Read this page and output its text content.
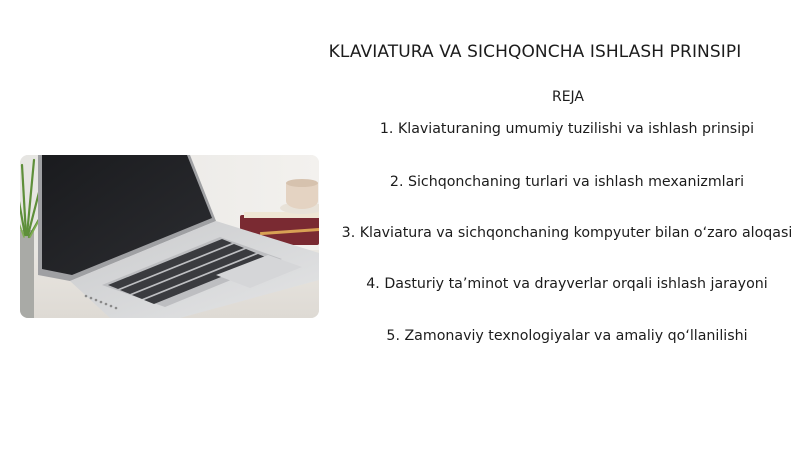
KLAVIATURA VA SICHQONCHA ISHLASH PRINSIPI
REJA
1. Klaviaturaning umumiy tuzilishi va ishlash prinsipi
2. Sichqonchaning turlari va ishlash mexanizmlari
3. Klaviatura va sichqonchaning kompyuter bilan o‘zaro aloqasi
4. Dasturiy ta’minot va drayverlar orqali ishlash jarayoni
5. Zamonaviy texnologiyalar va amaliy qo‘llanilishi
